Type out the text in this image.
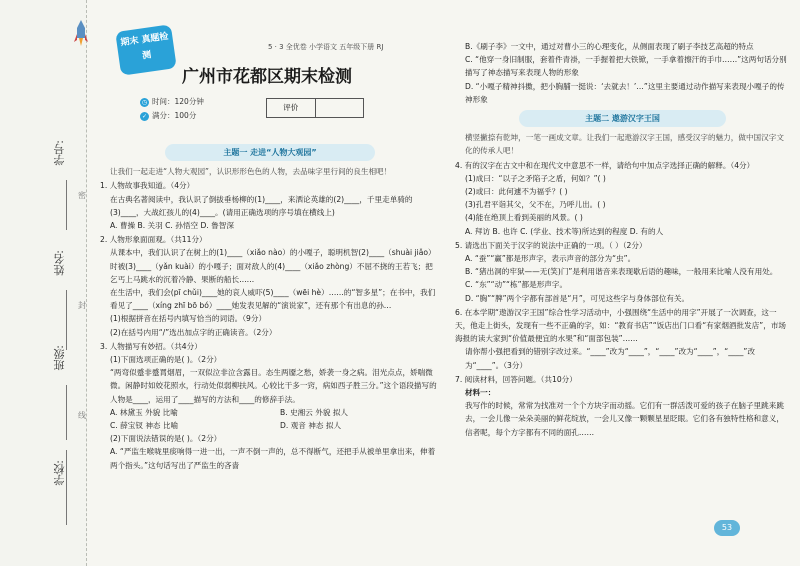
学号:
姓名:
班级:
学校:
密
封
线
期末 真题检测
5 · 3 全优卷 小学语文 五年级下册 RJ
广州市花都区期末检测
◷ 时间：120分钟
✓ 满分：100分
评价
主题一 走进“人物大观园”

让我们一起走进“人物大观园”，认识形形色色的人物，去品味字里行间的良生相吧！

1. 人物故事我知道。（4分）

在古典名著阅读中，我认识了倒拔垂杨柳的(1)____，来洒论英雄的(2)____，千里走单骑的(3)____，大战红孩儿的(4)____。(请用正确选项的序号填在横线上)

A. 曹操 B. 关羽 C. 孙悟空 D. 鲁智深

2. 人物形象面面观。（共11分）

从课本中，我们认识了在树上的(1)____（xiǎo nào）的小嘎子，聪明机智(2)____（shuài jiǎo）时被(3)____（yǎn kuài）的小嘎子；面对敌人的(4)____（xiǎo zhòng）不屈不挠的王若飞；把乞丐上马跳水的沉着冷静、果断的船长……

在生活中，我们会(pī chǔi)____她的哀人威吓(5)____（wēi hè）……的“智多星”；在书中，我们看见了____（xíng zhī bō bó）____她发表见解的“演说家”，还有那个有出息的孙…

(1)根据拼音在括号内填写恰当的词语。（9分）

(2)在括号内用“/”选出加点字的正确读音。（2分）

3. 人物描写有妙招。（共4分）

(1)下面选项正确的是( )。（2分）

“两弯似蹙非蹙罥烟眉，一双似泣非泣含露目。态生两靥之愁，娇袭一身之病。泪光点点，娇喘微微。闲静时如姣花照水，行动处似弱柳扶风。心较比干多一窍，病如西子胜三分。”这个语段描写的人物是____，运用了____描写的方法和____的修辞手法。

A. 林黛玉 外貌 比喻	B. 史湘云 外貌 拟人
C. 薛宝钗 神态 比喻	D. 观音 神态 拟人

(2)下面说法错误的是( )。（2分）

A. “严监生喉咙里痰响得一进一出，一声不倒一声的，总不得断气，还把手从被单里拿出来，伸着两个指头。”这句话写出了严监生的吝啬

B.《刷子李》一文中，通过对曹小三的心理变化，从侧面表现了刷子李技艺高超的特点

C. “他穿一身旧制服，套着件青褂，一手握着把大铁锨，一手拿着擦汗的手巾……”这两句话分别描写了神态描写来表现人物的形象

D. “小嘎子精神抖擞，把小胸脯一挺说：‘去就去！’…”这里主要通过动作描写来表现小嘎子的传神形象

主题二 遨游汉字王国

横竖撇捺有乾坤，一笔一画成文章。让我们一起遨游汉字王国，感受汉字的魅力，做中国汉字文化的传承人吧！

4. 有的汉字在古文中和在现代文中意思不一样，请给句中加点字选择正确的解释。（4分）

(1)成曰：“以子之矛陷子之盾，何如？”( )

(2)或曰：此何遽不为福乎？( )

(3)孔君平诣其父，父不在，乃呼儿出。( )

(4)能在绝顶上看到美丽的风景。( )

A. 拜访 B. 也许 C. (学业、技术等)所达到的程度 D. 有的人

5. 请选出下面关于汉字的说法中正确的一项。（ ）（2分）

A. “蚕”“赢”都是形声字，表示声音的部分为“虫”。

B. “猪出洞的牢狱——无(笑)门”是利用谐音来表现歇后语的趣味，一般用来比喻人没有用处。

C. “东”“动”“栋”都是形声字。

D. “胸”“脾”两个字都有部首是“月”，可见这些字与身体部位有关。

6. 在本学期“遨游汉字王国”综合性学习活动中，小强围绕“生活中的用字”开展了一次调查，这一天，他走上街头，发现有一些不正确的字，如：“教育书店”“饭店出门口看“有家烟酒批发店”，市场海报的读大家到“价值最便宜的水果”和“面部包装”……

请你帮小强把看到的错别字改过来。“____”改为“____”，“____”改为“____”，“____”改为“____”。（3分）

7. 阅读材料，回答问题。（共10分）

材料一：

我写作的时候，常常为找准对一个个方块字而动摇。它们有一群活泼可爱的孩子在脑子里跳来跳去，一会儿像一朵朵美丽的鲜花绽放，一会儿又像一颗颗星星眨眼。它们各有独特性格和意义，信者呢，每个方字都有不同的面孔……

53
